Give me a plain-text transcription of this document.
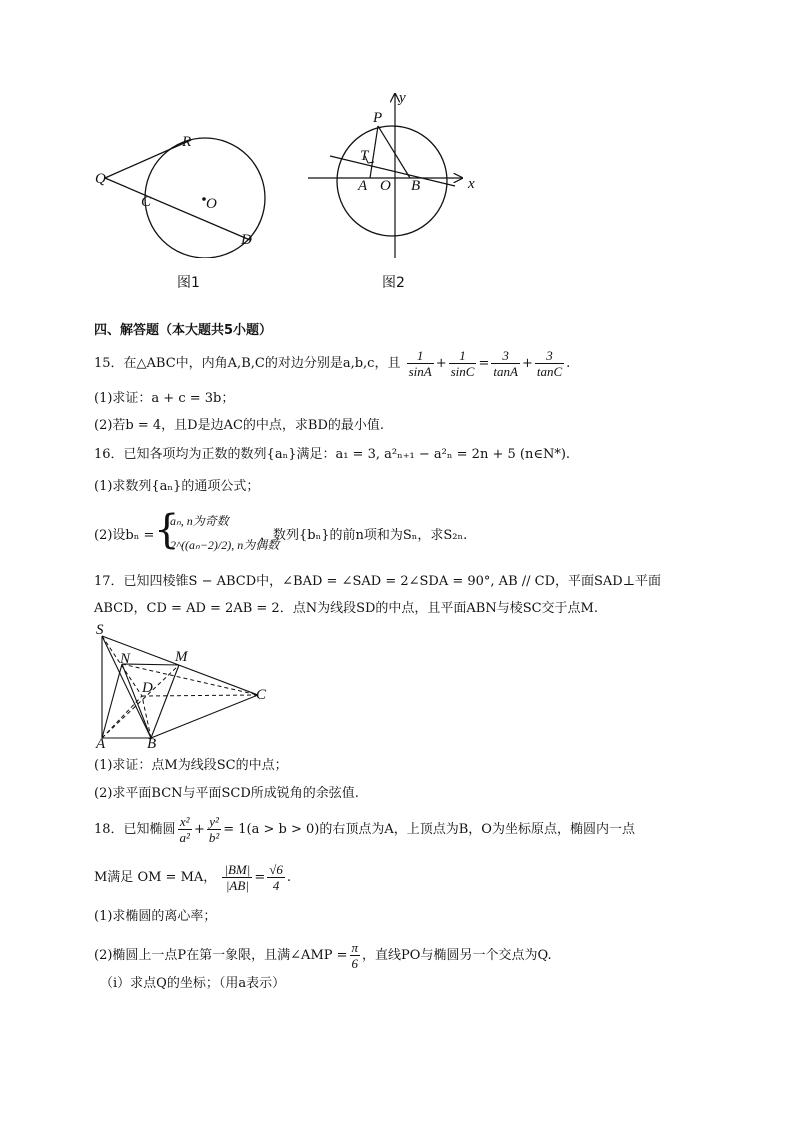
Q
R
C	O
D
图1
y
P
T
A O B	x
图2
四、解答题（本大题共5小题）
15．在△ABC中，内角A,B,C的对边分别是a,b,c，且 $\frac{1}{\sin A} + \frac{1}{\sin C} = \frac{3}{\tan A} + \frac{3}{\tan C}$ .
(1)求证：a + c = 3b；
(2)若b = 4，且D是边AC的中点，求BD的最小值.
16．已知各项均为正数的数列{aₙ}满足：a₁ = 3, a²ₙ₊₁ − a²ₙ = 2n + 5 (n∈N*).
(1)求数列{aₙ}的通项公式；
(2)设bₙ = {
aₙ, n为奇数
2^((aₙ−2)/2), n为偶数
，数列{bₙ}的前n项和为Sₙ，求S₂ₙ.
17．已知四棱锥S − ABCD中，∠BAD = ∠SAD = 2∠SDA = 90°, AB // CD，平面SAD⊥平面
ABCD，CD = AD = 2AB = 2．点N为线段SD的中点，且平面ABN与棱SC交于点M.
S
N	M
D	C
A	B
(1)求证：点M为线段SC的中点；
(2)求平面BCN与平面SCD所成锐角的余弦值.
18．已知椭圆 $\frac{\text{x²}}{\text{a²}} + \frac{\text{y²}}{\text{b²}} = 1(a > b > 0)$的右顶点为A，上顶点为B，O为坐标原点，椭圆内一点
M满足 OM = MA， $\frac{|BM|}{|AB|} = \frac{√6}{4}$ .
(1)求椭圆的离心率；
(2)椭圆上一点P在第一象限，且满∠AMP = $\frac{\pi}{6}$ ，直线PO与椭圆另一个交点为Q.
（i）求点Q的坐标；（用a表示）
